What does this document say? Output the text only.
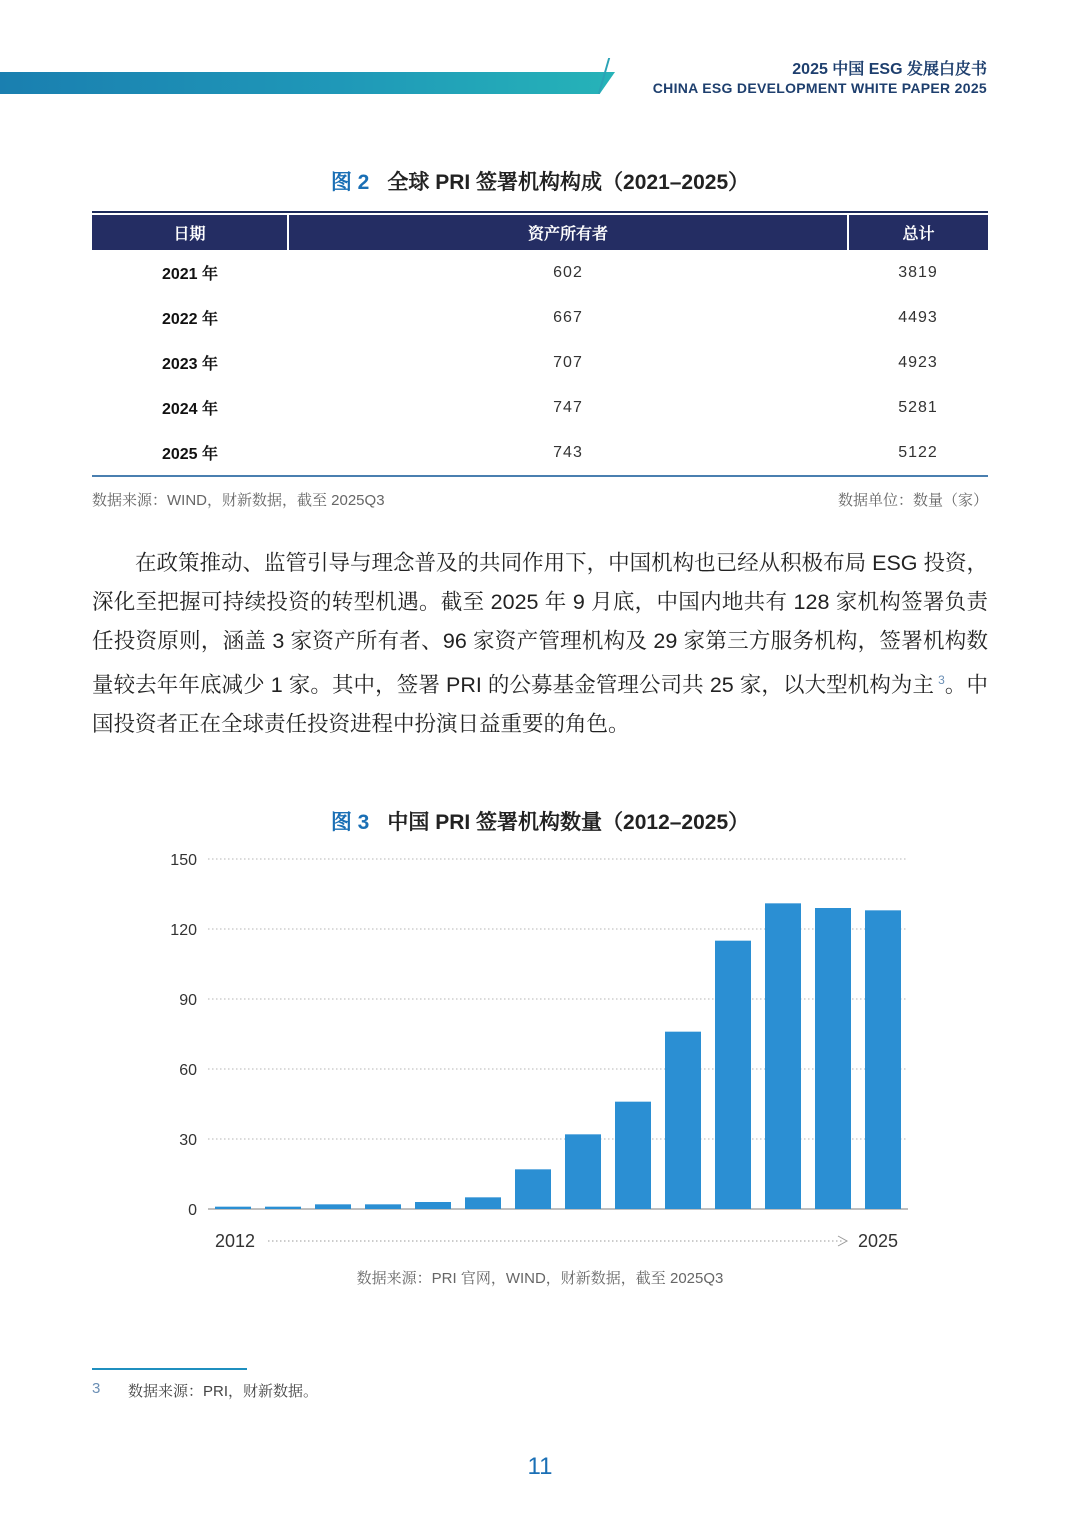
2025 中国 ESG 发展白皮书
CHINA ESG DEVELOPMENT WHITE PAPER 2025
图 2 全球 PRI 签署机构构成（2021–2025）
日期	资产所有者	总计
2021 年	602	3819
2022 年	667	4493
2023 年	707	4923
2024 年	747	5281
2025 年	743	5122
数据来源：WIND，财新数据，截至 2025Q3	数据单位：数量（家）

在政策推动、监管引导与理念普及的共同作用下，中国机构也已经从积极布局 ESG 投资，深化至把握可持续投资的转型机遇。截至 2025 年 9 月底，中国内地共有 128 家机构签署负责任投资原则，涵盖 3 家资产所有者、96 家资产管理机构及 29 家第三方服务机构，签署机构数量较去年年底减少 1 家。其中，签署 PRI 的公募基金管理公司共 25 家，以大型机构为主 $^3$。中国投资者正在全球责任投资进程中扮演日益重要的角色。

图 3 中国 PRI 签署机构数量（2012–2025）
0
30
60
90
120
150
2012	2025
数据来源：PRI 官网，WIND，财新数据，截至 2025Q3
3 数据来源：PRI，财新数据。
11
